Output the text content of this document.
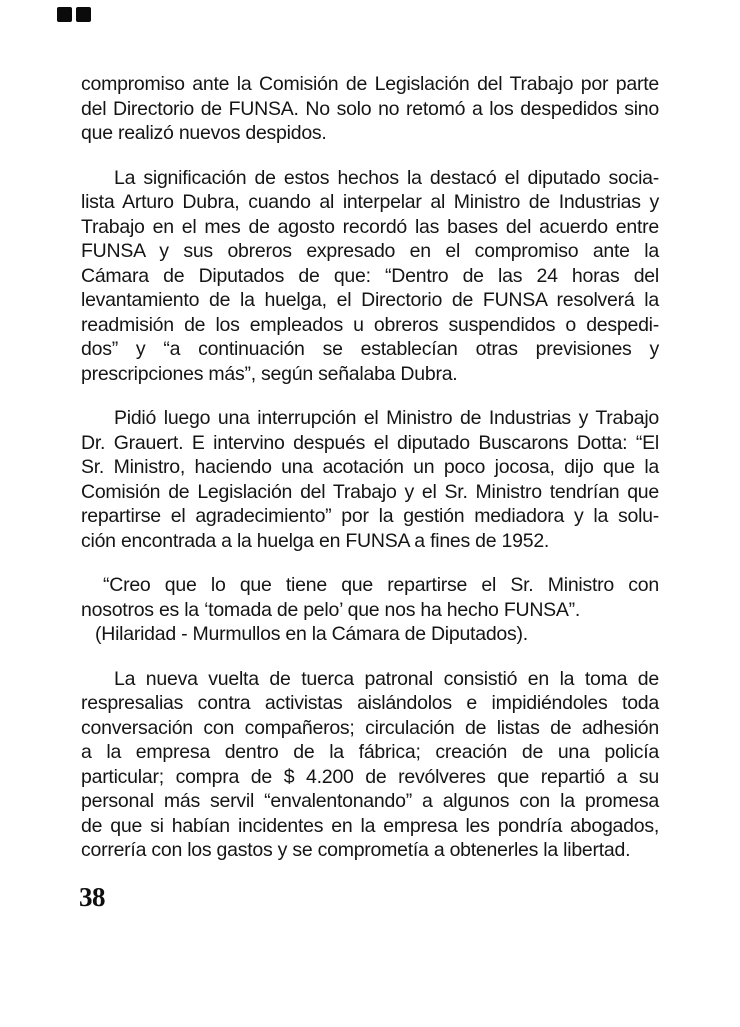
compromiso ante la Comisión de Legislación del Trabajo por parte
del Directorio de FUNSA. No solo no retomó a los despedidos sino
que realizó nuevos despidos.

La significación de estos hechos la destacó el diputado socia-
lista Arturo Dubra, cuando al interpelar al Ministro de Industrias y
Trabajo en el mes de agosto recordó las bases del acuerdo entre
FUNSA y sus obreros expresado en el compromiso ante la
Cámara de Diputados de que: “Dentro de las 24 horas del
levantamiento de la huelga, el Directorio de FUNSA resolverá la
readmisión de los empleados u obreros suspendidos o despedi-
dos” y “a continuación se establecían otras previsiones y
prescripciones más”, según señalaba Dubra.

Pidió luego una interrupción el Ministro de Industrias y Trabajo
Dr. Grauert. E intervino después el diputado Buscarons Dotta: “El
Sr. Ministro, haciendo una acotación un poco jocosa, dijo que la
Comisión de Legislación del Trabajo y el Sr. Ministro tendrían que
repartirse el agradecimiento” por la gestión mediadora y la solu-
ción encontrada a la huelga en FUNSA a fines de 1952.

“Creo que lo que tiene que repartirse el Sr. Ministro con
nosotros es la ‘tomada de pelo’ que nos ha hecho FUNSA”.
(Hilaridad - Murmullos en la Cámara de Diputados).

La nueva vuelta de tuerca patronal consistió en la toma de
respresalias contra activistas aislándolos e impidiéndoles toda
conversación con compañeros; circulación de listas de adhesión
a la empresa dentro de la fábrica; creación de una policía
particular; compra de $ 4.200 de revólveres que repartió a su
personal más servil “envalentonando” a algunos con la promesa
de que si habían incidentes en la empresa les pondría abogados,
correría con los gastos y se comprometía a obtenerles la libertad.

38
